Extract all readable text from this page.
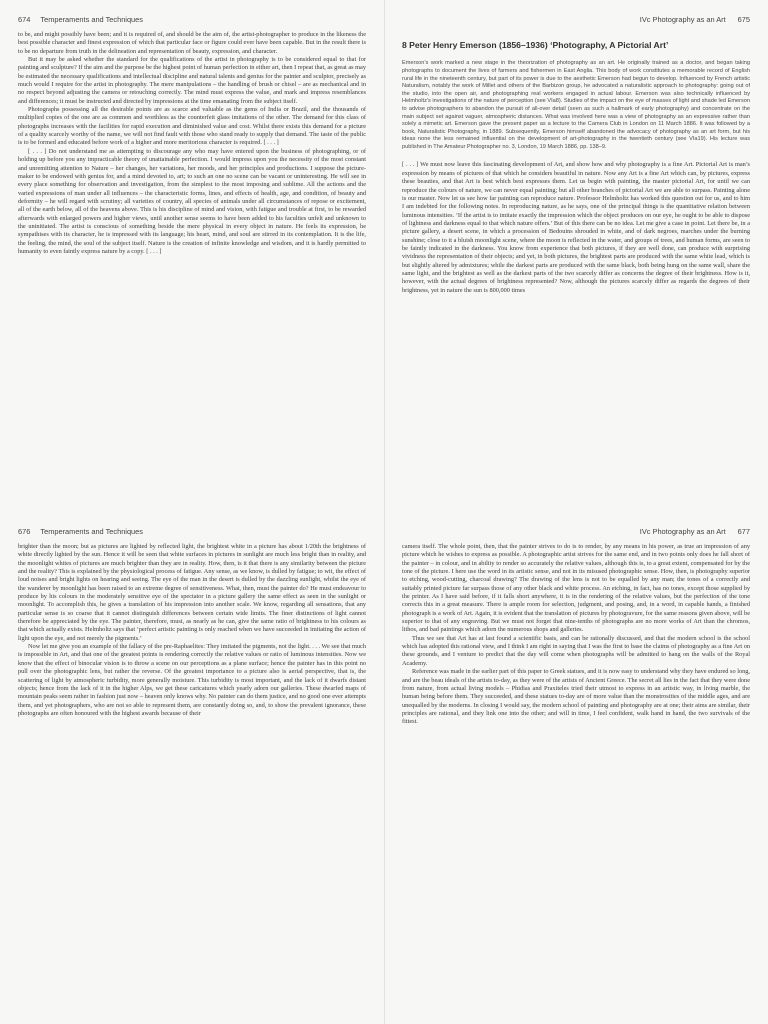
674 Temperaments and Techniques

to be, and might possibly have been; and it is required of, and should be the aim of, the artist-photographer to produce in the likeness the best possible character and finest expression of which that particular face or figure could ever have been capable. But in the result there is to be no departure from truth in the delineation and representation of beauty, expression, and character.

But it may be asked whether the standard for the qualifications of the artist in photography is to be considered equal to that for painting and sculpture? If the aim and the purpose be the highest point of human perfection in either art, then I repeat that, as great as may be estimated the necessary qualifications and intellectual discipline and natural talents and genius for the painter and sculptor, precisely as much would I require for the artist in photography. The mere manipulations – the handling of brush or chisel – are as mechanical and in no respect beyond adjusting the camera or retouching correctly. The mind must express the value, and mark and impress resemblances and differences; it must be instructed and directed by impressions at the time emanating from the subject itself.

Photographs possessing all the desirable points are as scarce and valuable as the gems of India or Brazil, and the thousands of multiplied copies of the one are as common and worthless as the counterfeit glass imitations of the other. The demand for this class of photographs increases with the facilities for rapid execution and diminished value and cost. Whilst there exists this demand for a picture of a quality scarcely worthy of the name, we will not find fault with those who stand ready to supply that demand. The taste of the public is to be formed and educated before work of a higher and more meritorious character is required. [ . . . ]

[ . . . ] Do not understand me as attempting to discourage any who may have entered upon the business of photographing, or of holding up before you any impracticable theory of unattainable perfection. I would impress upon you the necessity of the most constant and unremitting attention to Nature – her changes, her variations, her moods, and her principles and productions. I suppose the picture-maker to be endowed with genius for, and a mind devoted to, art; to such an one no scene can be vacant or uninteresting. He will see in every place something for observation and investigation, from the simplest to the most imposing and sublime. All the actions and the varied expressions of man under all influences – the characteristic forms, lines, and effects of health, age, and condition, of beauty and deformity – he will regard with scrutiny; all varieties of country, all species of animals under all circumstances of repose or excitement, all of the earth below, all of the heavens above. This is his discipline of mind and vision, with fatigue and trouble at first, to be rewarded afterwards with enlarged powers and higher views, until another sense seems to have been added to his faculties unfelt and unknown to the uninitiated. The artist is conscious of something beside the mere physical in every object in nature. He feels its expression, he sympathises with its character, he is impressed with its language; his heart, mind, and soul are stirred in its contemplation. It is the life, the feeling, the mind, the soul of the subject itself. Nature is the creation of infinite knowledge and wisdom, and it is hardly permitted to humanity to even faintly express nature by a copy. [ . . . ]

IVc Photography as an Art 675
8 Peter Henry Emerson (1856–1936) ‘Photography, A Pictorial Art’
Emerson’s work marked a new stage in the theorization of photography as an art. He originally trained as a doctor, and began taking photographs to document the lives of farmers and fishermen in East Anglia. This body of work constitutes a memorable record of English rural life in the nineteenth century, but part of its power is due to the aesthetic Emerson had begun to develop. Influenced by French artistic Naturalism, notably the work of Millet and others of the Barbizon group, he advocated a naturalistic approach to photography: going out of the studio, into the open air, and photographing real workers engaged in actual labour. Emerson was also technically influenced by Helmholtz’s investigations of the nature of perception (see VIa8). Studies of the impact on the eye of masses of light and shade led Emerson to advise photographers to abandon the pursuit of all-over detail (seen as such a hallmark of early photography) and concentrate on the main subject set against vaguer, atmospheric distances. What was involved here was a view of photography as an expressive rather than solely a mimetic art. Emerson gave the present paper as a lecture to the Camera Club in London on 11 March 1886. It was followed by a book, Naturalistic Photography, in 1889. Subsequently, Emerson himself abandoned the advocacy of photography as an art form, but his ideas none the less remained influential on the development of art-photography in the twentieth century (see VIa19). His lecture was published in The Amateur Photographer no. 3, London, 19 March 1886, pp. 138–9.

[ . . . ] We must now leave this fascinating development of Art, and show how and why photography is a fine Art. Pictorial Art is man’s expression by means of pictures of that which he considers beautiful in nature. Now any Art is a fine Art which can, by pictures, express these beauties, and that Art is best which best expresses them. Let us begin with painting, the master pictorial Art, for until we can reproduce the colours of nature, we can never equal painting; but all other branches of pictorial Art we are able to surpass. Painting alone is our master. Now let us see how far painting can reproduce nature. Professor Helmholtz has worked this question out for us, and to him I am indebted for the following notes. In reproducing nature, as he says, one of the principal things is the quantitative relation between luminous intensities. ‘If the artist is to imitate exactly the impression which the object produces on our eye, he ought to be able to dispose of lightness and darkness equal to that which nature offers.’ But of this there can be no idea. Let me give a case in point. Let there be, in a picture gallery, a desert scene, in which a procession of Bedouins shrouded in white, and of dark negroes, marches under the burning sunshine; close to it a bluish moonlight scene, where the moon is reflected in the water, and groups of trees, and human forms, are seen to be faintly indicated in the darkness. You know from experience that both pictures, if they are well done, can produce with surprising vividness the representation of their objects; and yet, in both pictures, the brightest parts are produced with the same white lead, which is but slightly altered by admixtures; while the darkest parts are produced with the same black, both being hung on the same wall, share the same light, and the brightest as well as the darkest parts of the two scarcely differ as concerns the degree of their brightness. How is it, however, with the actual degrees of brightness represented? Now, although the pictures scarcely differ as regards the degrees of their brightness, yet in nature the sun is 800,000 times

676 Temperaments and Techniques

brighter than the moon; but as pictures are lighted by reflected light, the brightest white in a picture has about 1/20th the brightness of white directly lighted by the sun. Hence it will be seen that white surfaces in pictures in sunlight are much less bright than in reality, and the moonlight whites of pictures are much brighter than they are in reality. How, then, is it that there is any similarity between the picture and the reality? This is explained by the physiological process of fatigue. Any sense, as we know, is dulled by fatigue; to wit, the effect of loud noises and bright lights on hearing and seeing. The eye of the man in the desert is dulled by the dazzling sunlight, whilst the eye of the wanderer by moonlight has been raised to an extreme degree of sensitiveness. What, then, must the painter do? He must endeavour to produce by his colours in the moderately sensitive eye of the spectator in a picture gallery the same effect as seen in the sunlight or moonlight. To accomplish this, he gives a translation of his impression into another scale. We know, regarding all sensations, that any particular sense is so coarse that it cannot distinguish differences between certain wide limits. The finer distinctions of light cannot therefore be appreciated by the eye. The painter, therefore, must, as nearly as he can, give the same ratio of brightness to his colours as that which actually exists. Helmholtz says that ‘perfect artistic painting is only reached when we have succeeded in imitating the action of light upon the eye, and not merely the pigments.’

Now let me give you an example of the fallacy of the pre-Raphaelites: They imitated the pigments, not the light. . . . We see that much is impossible in Art, and that one of the greatest points is rendering correctly the relative values or ratio of luminous intensities. Now we know that the effect of binocular vision is to throw a scene on our perceptions as a plane surface; hence the painter has in this point no pull over the photographic lens, but rather the reverse. Of the greatest importance to a picture also is aerial perspective, that is, the scattering of light by atmospheric turbidity, more generally moisture. This turbidity is most important, and the lack of it dwarfs distant objects; hence from the lack of it in the higher Alps, we get these caricatures which yearly adorn our galleries. These dwarfed maps of mountain peaks seem rather in fashion just now – heaven only knows why. No painter can do them justice, and no good one ever attempts them, and yet photographers, who are not so able to represent them, are constantly doing so, and, to show the prevalent ignorance, these photographs are often honoured with the highest awards because of their

IVc Photography as an Art 677

camera itself. The whole point, then, that the painter strives to do is to render, by any means in his power, as true an impression of any picture which he wishes to express as possible. A photographic artist strives for the same end, and in two points only does he fall short of the painter – in colour, and in ability to render so accurately the relative values, although this is, to a great extent, compensated for by the tone of the picture. I here use the word in its artistic sense, and not in its misused photographic sense. How, then, is photography superior to etching, wood-cutting, charcoal drawing? The drawing of the lens is not to be equalled by any man; the tones of a correctly and suitably printed picture far surpass those of any other black and white process. An etching, in fact, has no tones, except those supplied by the printer. As I have said before, if it falls short anywhere, it is in the rendering of the relative values, but the perfection of the tone corrects this in a great measure. There is ample room for selection, judgment, and posing, and, in a word, in capable hands, a finished photograph is a work of Art. Again, it is evident that the translation of pictures by photogravure, for the same reasons given above, will be superior to that of any engraving. But we must not forget that nine-tenths of photographs are no more works of Art than the chromos, lithos, and bad paintings which adorn the numerous shops and galleries.

Thus we see that Art has at last found a scientific basis, and can be rationally discussed, and that the modern school is the school which has adopted this rational view, and I think I am right in saying that I was the first to base the claims of photography as a fine Art on these grounds, and I venture to predict that the day will come when photographs will be admitted to hang on the walls of the Royal Academy.

Reference was made in the earlier part of this paper to Greek statues, and it is now easy to understand why they have endured so long, and are the beau ideals of the artists to-day, as they were of the artists of Ancient Greece. The secret all lies in the fact that they were done from nature, from actual living models – Phidias and Praxiteles tried their utmost to express in an artistic way, in living marble, the human being before them. They succeeded, and these statues to-day are of more value than the monstrosities of the middle ages, and are unequalled by the moderns. In closing I would say, the modern school of painting and photography are at one; their aims are similar, their principles are rational, and they link one into the other; and will in time, I feel confident, walk hand in hand, the two survivals of the fittest.
